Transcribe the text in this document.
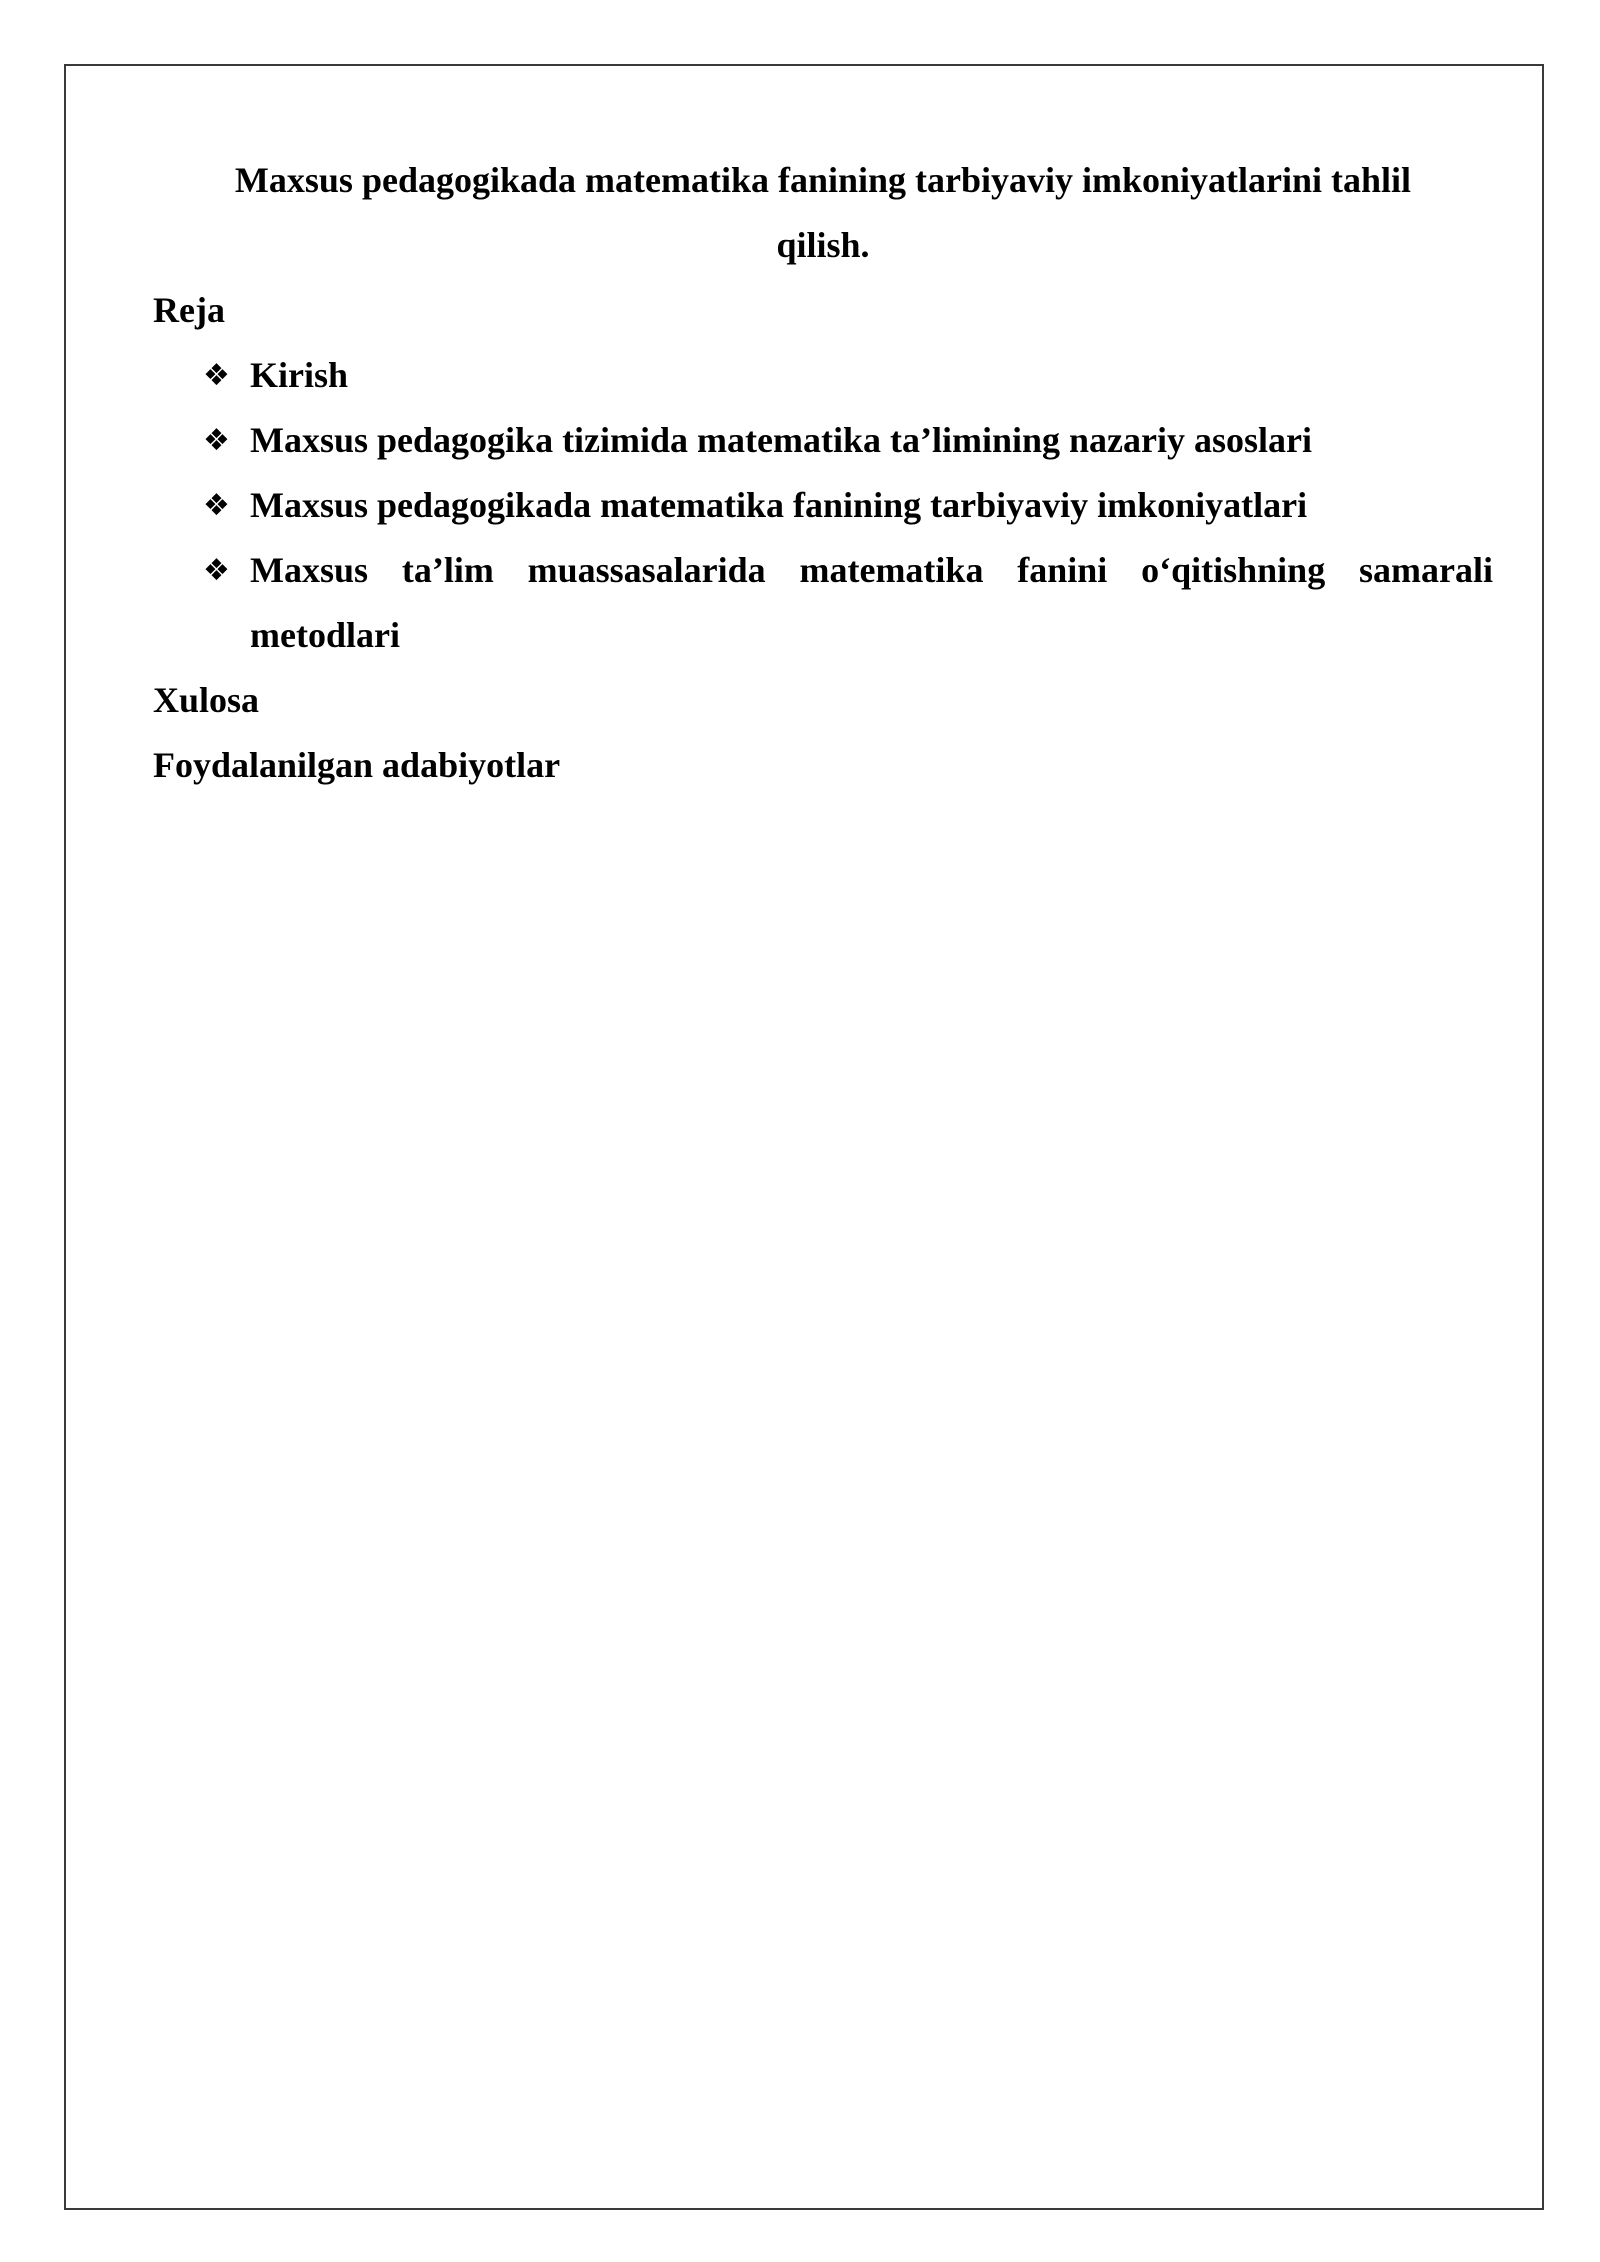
Maxsus pedagogikada matematika fanining tarbiyaviy imkoniyatlarini tahlil qilish.
Reja
❖ Kirish
❖ Maxsus pedagogika tizimida matematika ta’limining nazariy asoslari
❖ Maxsus pedagogikada matematika fanining tarbiyaviy imkoniyatlari
❖ Maxsus ta’lim muassasalarida matematika fanini o‘qitishning samarali metodlari
Xulosa
Foydalanilgan adabiyotlar
